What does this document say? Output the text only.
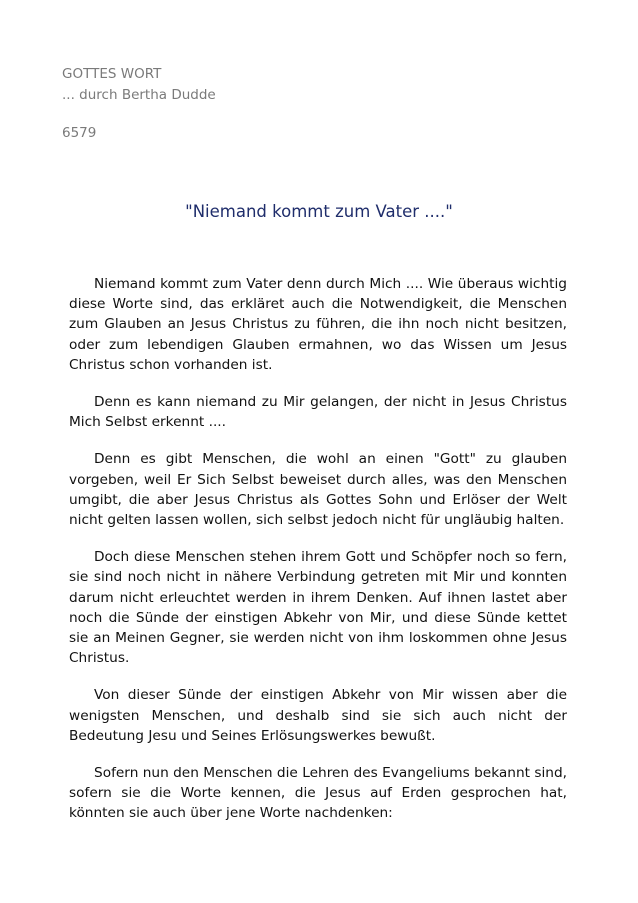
GOTTES WORT
... durch Bertha Dudde
6579
"Niemand kommt zum Vater ...."

Niemand kommt zum Vater denn durch Mich .... Wie überaus wichtig diese Worte sind, das erkläret auch die Notwendigkeit, die Menschen zum Glauben an Jesus Christus zu führen, die ihn noch nicht besitzen, oder zum lebendigen Glauben ermahnen, wo das Wissen um Jesus Christus schon vorhanden ist.

Denn es kann niemand zu Mir gelangen, der nicht in Jesus Christus Mich Selbst erkennt ....

Denn es gibt Menschen, die wohl an einen "Gott" zu glauben vorgeben, weil Er Sich Selbst beweiset durch alles, was den Menschen umgibt, die aber Jesus Christus als Gottes Sohn und Erlöser der Welt nicht gelten lassen wollen, sich selbst jedoch nicht für ungläubig halten.

Doch diese Menschen stehen ihrem Gott und Schöpfer noch so fern, sie sind noch nicht in nähere Verbindung getreten mit Mir und konnten darum nicht erleuchtet werden in ihrem Denken. Auf ihnen lastet aber noch die Sünde der einstigen Abkehr von Mir, und diese Sünde kettet sie an Meinen Gegner, sie werden nicht von ihm loskommen ohne Jesus Christus.

Von dieser Sünde der einstigen Abkehr von Mir wissen aber die wenigsten Menschen, und deshalb sind sie sich auch nicht der Bedeutung Jesu und Seines Erlösungswerkes bewußt.

Sofern nun den Menschen die Lehren des Evangeliums bekannt sind, sofern sie die Worte kennen, die Jesus auf Erden gesprochen hat, könnten sie auch über jene Worte nachdenken:
